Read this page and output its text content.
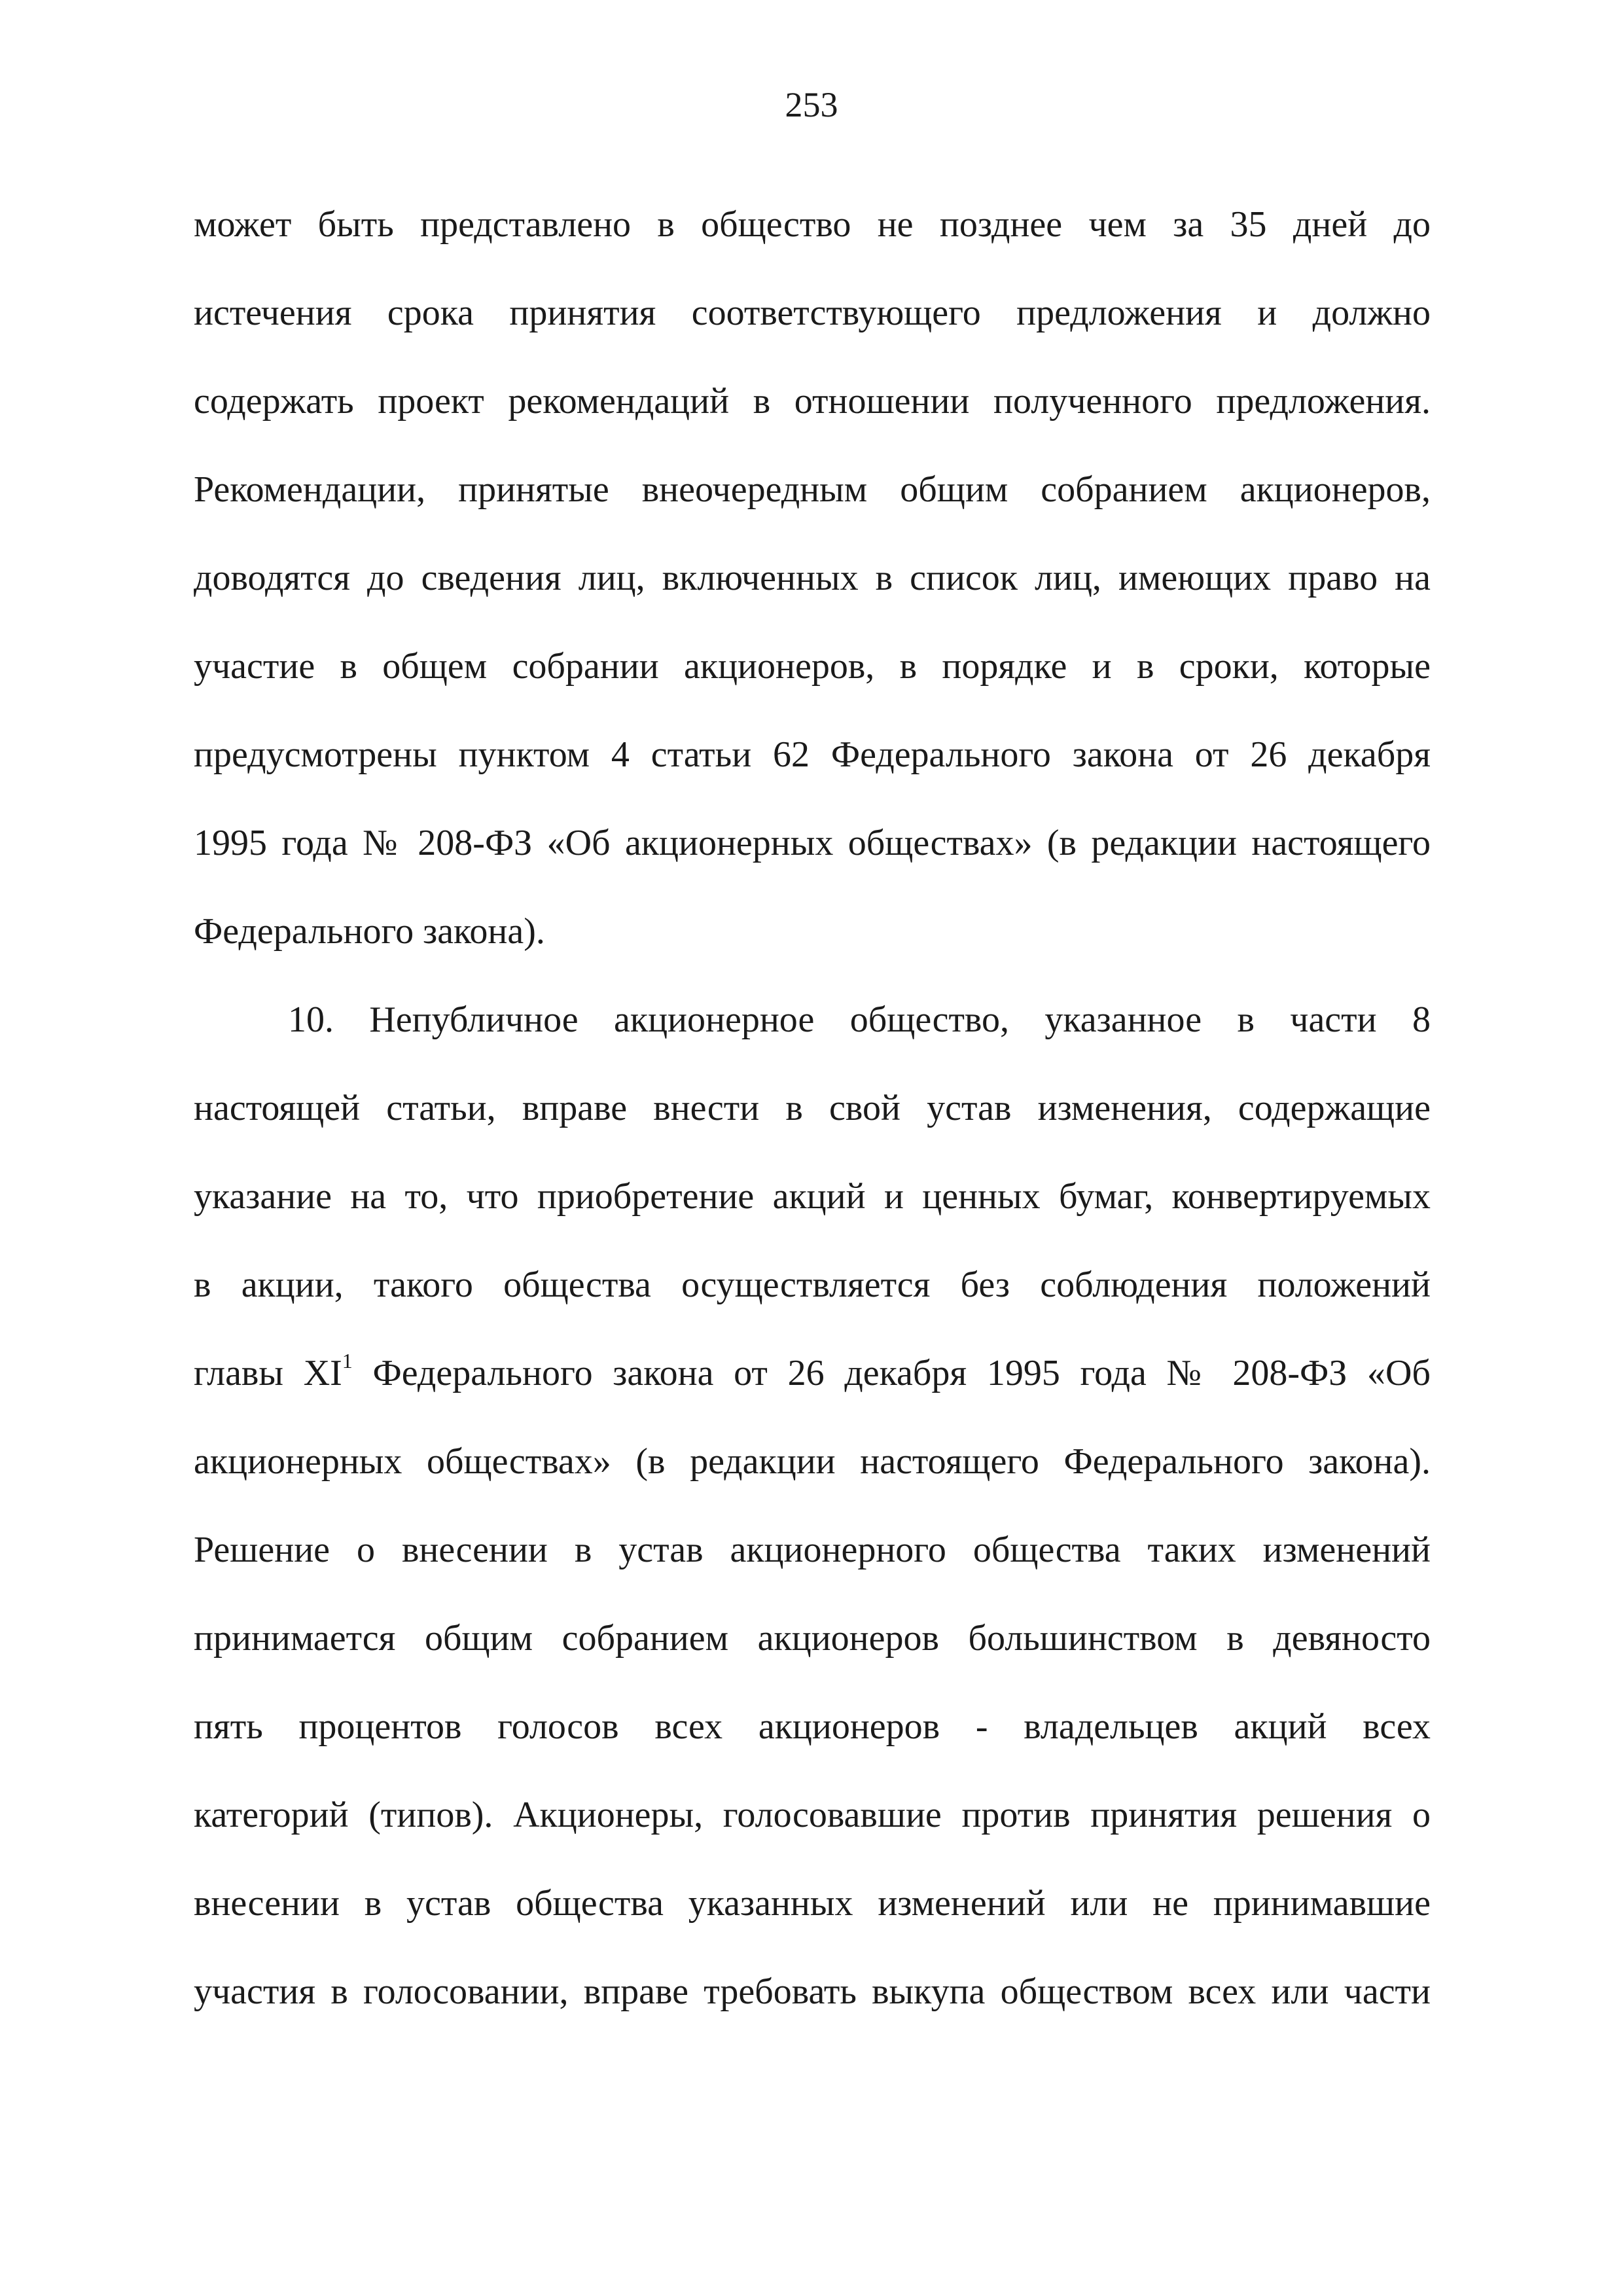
253
может быть представлено в общество не позднее чем за 35 дней до
истечения срока принятия соответствующего предложения и должно
содержать проект рекомендаций в отношении полученного предложения.
Рекомендации, принятые внеочередным общим собранием акционеров,
доводятся до сведения лиц, включенных в список лиц, имеющих право на
участие в общем собрании акционеров, в порядке и в сроки, которые
предусмотрены пунктом 4 статьи 62 Федерального закона от 26 декабря
1995 года № 208-ФЗ «Об акционерных обществах» (в редакции настоящего
Федерального закона).
10. Непубличное акционерное общество, указанное в части 8
настоящей статьи, вправе внести в свой устав изменения, содержащие
указание на то, что приобретение акций и ценных бумаг, конвертируемых
в акции, такого общества осуществляется без соблюдения положений
главы $XI^1$ Федерального закона от 26 декабря 1995 года № 208-ФЗ «Об
акционерных обществах» (в редакции настоящего Федерального закона).
Решение о внесении в устав акционерного общества таких изменений
принимается общим собранием акционеров большинством в девяносто
пять процентов голосов всех акционеров - владельцев акций всех
категорий (типов). Акционеры, голосовавшие против принятия решения о
внесении в устав общества указанных изменений или не принимавшие
участия в голосовании, вправе требовать выкупа обществом всех или части
